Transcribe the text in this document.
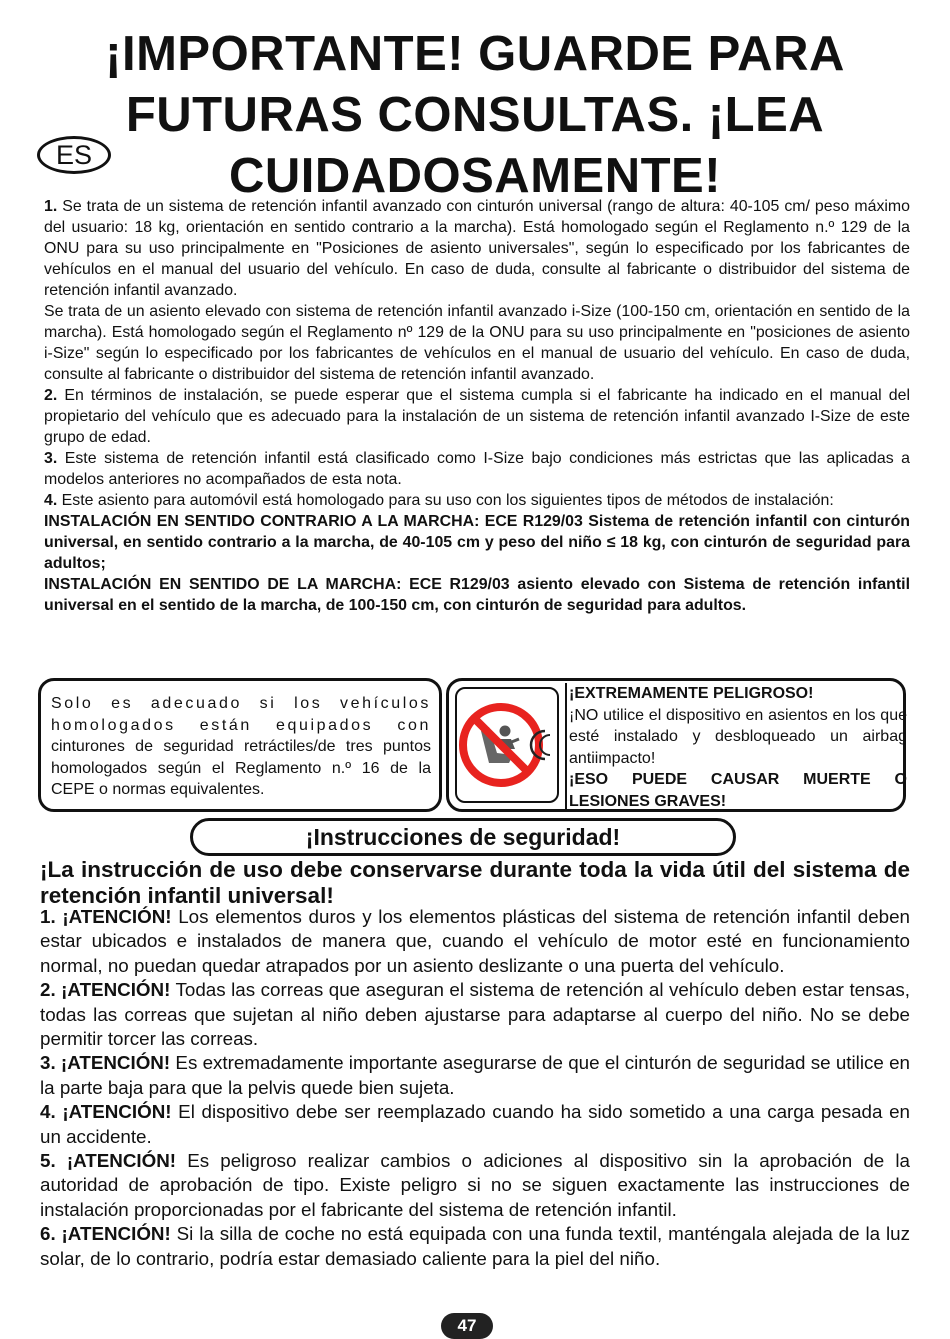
¡IMPORTANTE! GUARDE PARA FUTURAS CONSULTAS. ¡LEA CUIDADOSAMENTE!
ES

1. Se trata de un sistema de retención infantil avanzado con cinturón universal (rango de altura: 40-105 cm/ peso máximo del usuario: 18 kg, orientación en sentido contrario a la marcha). Está homologado según el Reglamento n.º 129 de la ONU para su uso principalmente en "Posiciones de asiento universales", según lo especificado por los fabricantes de vehículos en el manual del usuario del vehículo. En caso de duda, consulte al fabricante o distribuidor del sistema de retención infantil avanzado.

Se trata de un asiento elevado con sistema de retención infantil avanzado i-Size (100-150 cm, orientación en sentido de la marcha). Está homologado según el Reglamento nº 129 de la ONU para su uso principalmente en "posiciones de asiento i-Size" según lo especificado por los fabricantes de vehículos en el manual de usuario del vehículo. En caso de duda, consulte al fabricante o distribuidor del sistema de retención infantil avanzado.

2. En términos de instalación, se puede esperar que el sistema cumpla si el fabricante ha indicado en el manual del propietario del vehículo que es adecuado para la instalación de un sistema de retención infantil avanzado I-Size de este grupo de edad.

3. Este sistema de retención infantil está clasificado como I-Size bajo condiciones más estrictas que las aplicadas a modelos anteriores no acompañados de esta nota.

4. Este asiento para automóvil está homologado para su uso con los siguientes tipos de métodos de instalación:

INSTALACIÓN EN SENTIDO CONTRARIO A LA MARCHA: ECE R129/03 Sistema de retención infantil con cinturón universal, en sentido contrario a la marcha, de 40-105 cm y peso del niño ≤ 18 kg, con cinturón de seguridad para adultos;

INSTALACIÓN EN SENTIDO DE LA MARCHA: ECE R129/03 asiento elevado con Sistema de retención infantil universal en el sentido de la marcha, de 100-150 cm, con cinturón de seguridad para adultos.

Solo es adecuado si los vehículos homologados están equipados con cinturones de seguridad retráctiles/de tres puntos homologados según el Reglamento n.º 16 de la CEPE o normas equivalentes.

¡EXTREMAMENTE PELIGROSO!
¡NO utilice el dispositivo en asientos en los que esté instalado y desbloqueado un airbag antiimpacto!
¡ESO PUEDE CAUSAR MUERTE O LESIONES GRAVES!
¡Instrucciones de seguridad!

¡La instrucción de uso debe conservarse durante toda la vida útil del sistema de retención infantil universal!

1. ¡ATENCIÓN! Los elementos duros y los elementos plásticas del sistema de retención infantil deben estar ubicados e instalados de manera que, cuando el vehículo de motor esté en funcionamiento normal, no puedan quedar atrapados por un asiento deslizante o una puerta del vehículo.

2. ¡ATENCIÓN! Todas las correas que aseguran el sistema de retención al vehículo deben estar tensas, todas las correas que sujetan al niño deben ajustarse para adaptarse al cuerpo del niño. No se debe permitir torcer las correas.

3. ¡ATENCIÓN! Es extremadamente importante asegurarse de que el cinturón de seguridad se utilice en la parte baja para que la pelvis quede bien sujeta.

4. ¡ATENCIÓN! El dispositivo debe ser reemplazado cuando ha sido sometido a una carga pesada en un accidente.

5. ¡ATENCIÓN! Es peligroso realizar cambios o adiciones al dispositivo sin la aprobación de la autoridad de aprobación de tipo. Existe peligro si no se siguen exactamente las instrucciones de instalación proporcionadas por el fabricante del sistema de retención infantil.

6. ¡ATENCIÓN! Si la silla de coche no está equipada con una funda textil, manténgala alejada de la luz solar, de lo contrario, podría estar demasiado caliente para la piel del niño.

47
